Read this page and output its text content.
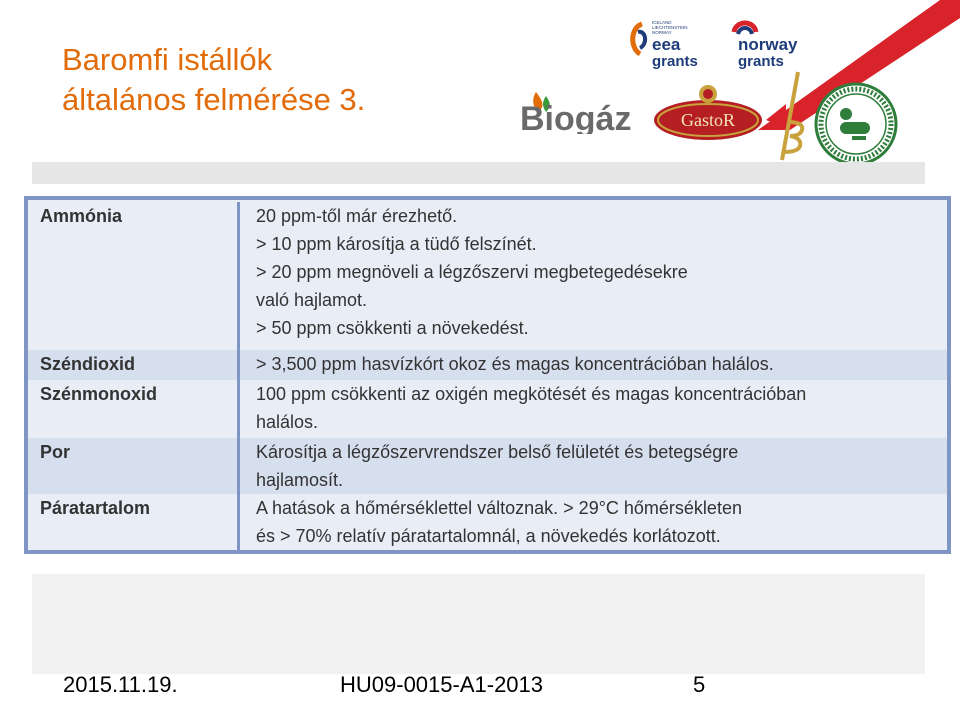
Baromfi istállók
általános felmérése 3.
ICELAND
LIECHTENSTEIN
NORWAY
eea
grants
norway
grants
Biogáz	GastoR
Ammónia	20 ppm-től már érezhető.
> 10 ppm károsítja a tüdő felszínét.
> 20 ppm megnöveli a légzőszervi megbetegedésekre
való hajlamot.
> 50 ppm csökkenti a növekedést.
Széndioxid	> 3,500 ppm hasvízkórt okoz és magas koncentrációban halálos.
Szénmonoxid	100 ppm csökkenti az oxigén megkötését és magas koncentrációban
halálos.
Por	Károsítja a légzőszervrendszer belső felületét és betegségre
hajlamosít.
Páratartalom	A hatások a hőmérséklettel változnak. > 29°C hőmérsékleten
és > 70% relatív páratartalomnál, a növekedés korlátozott.
2015.11.19.	HU09-0015-A1-2013	5
